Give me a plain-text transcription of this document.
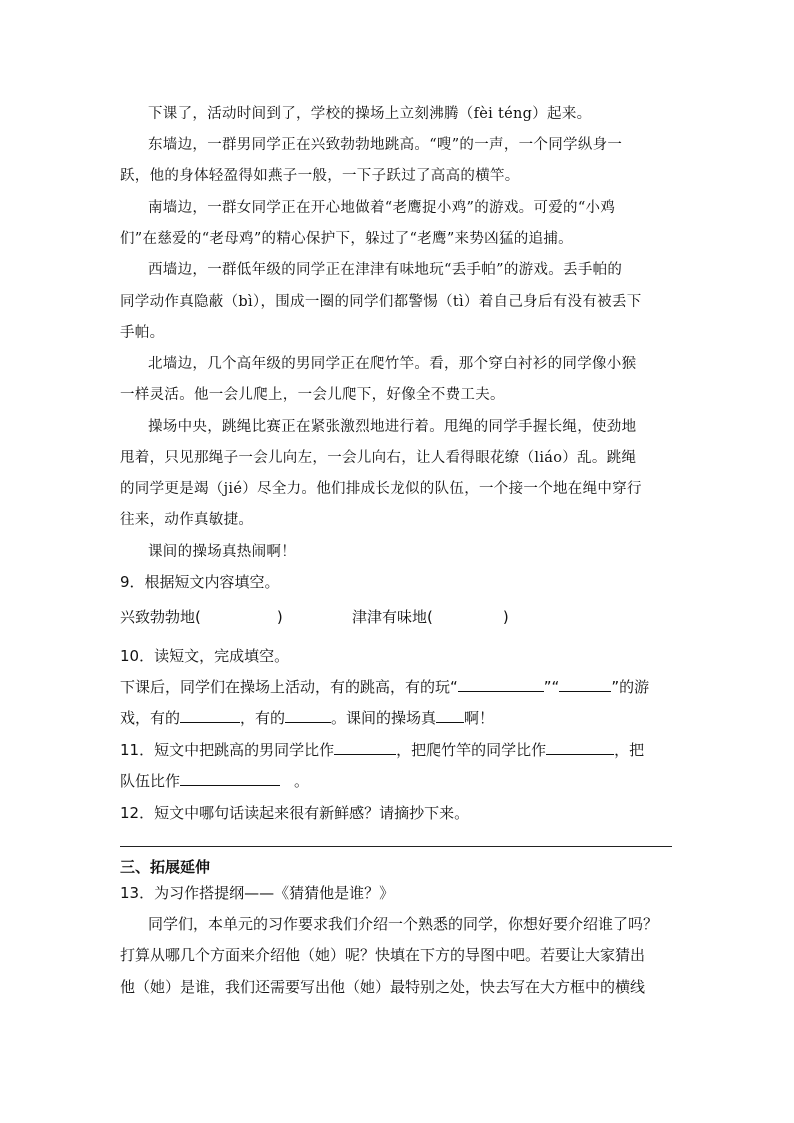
下课了，活动时间到了，学校的操场上立刻沸腾（fèi téng）起来。
东墙边，一群男同学正在兴致勃勃地跳高。“嗖”的一声，一个同学纵身一
跃，他的身体轻盈得如燕子一般，一下子跃过了高高的横竿。
南墙边，一群女同学正在开心地做着“老鹰捉小鸡”的游戏。可爱的“小鸡
们”在慈爱的“老母鸡”的精心保护下，躲过了“老鹰”来势凶猛的追捕。
西墙边，一群低年级的同学正在津津有味地玩“丢手帕”的游戏。丢手帕的
同学动作真隐蔽（bì），围成一圈的同学们都警惕（tì）着自己身后有没有被丢下
手帕。
北墙边，几个高年级的男同学正在爬竹竿。看，那个穿白衬衫的同学像小猴
一样灵活。他一会儿爬上，一会儿爬下，好像全不费工夫。
操场中央，跳绳比赛正在紧张激烈地进行着。甩绳的同学手握长绳，使劲地
甩着，只见那绳子一会儿向左，一会儿向右，让人看得眼花缭（liáo）乱。跳绳
的同学更是竭（jié）尽全力。他们排成长龙似的队伍，一个接一个地在绳中穿行
往来，动作真敏捷。
课间的操场真热闹啊！
9．根据短文内容填空。
兴致勃勃地(	)	津津有味地(	)
10．读短文，完成填空。
下课后，同学们在操场上活动，有的跳高，有的玩“	”“	”的游
戏，有的	，有的	。课间的操场真 啊！
11．短文中把跳高的男同学比作	，把爬竹竿的同学比作	，把
队伍比作	。
12．短文中哪句话读起来很有新鲜感？请摘抄下来。
三、拓展延伸
13．为习作搭提纲——《猜猜他是谁？》
同学们，本单元的习作要求我们介绍一个熟悉的同学，你想好要介绍谁了吗？
打算从哪几个方面来介绍他（她）呢？快填在下方的导图中吧。若要让大家猜出
他（她）是谁，我们还需要写出他（她）最特别之处，快去写在大方框中的横线
